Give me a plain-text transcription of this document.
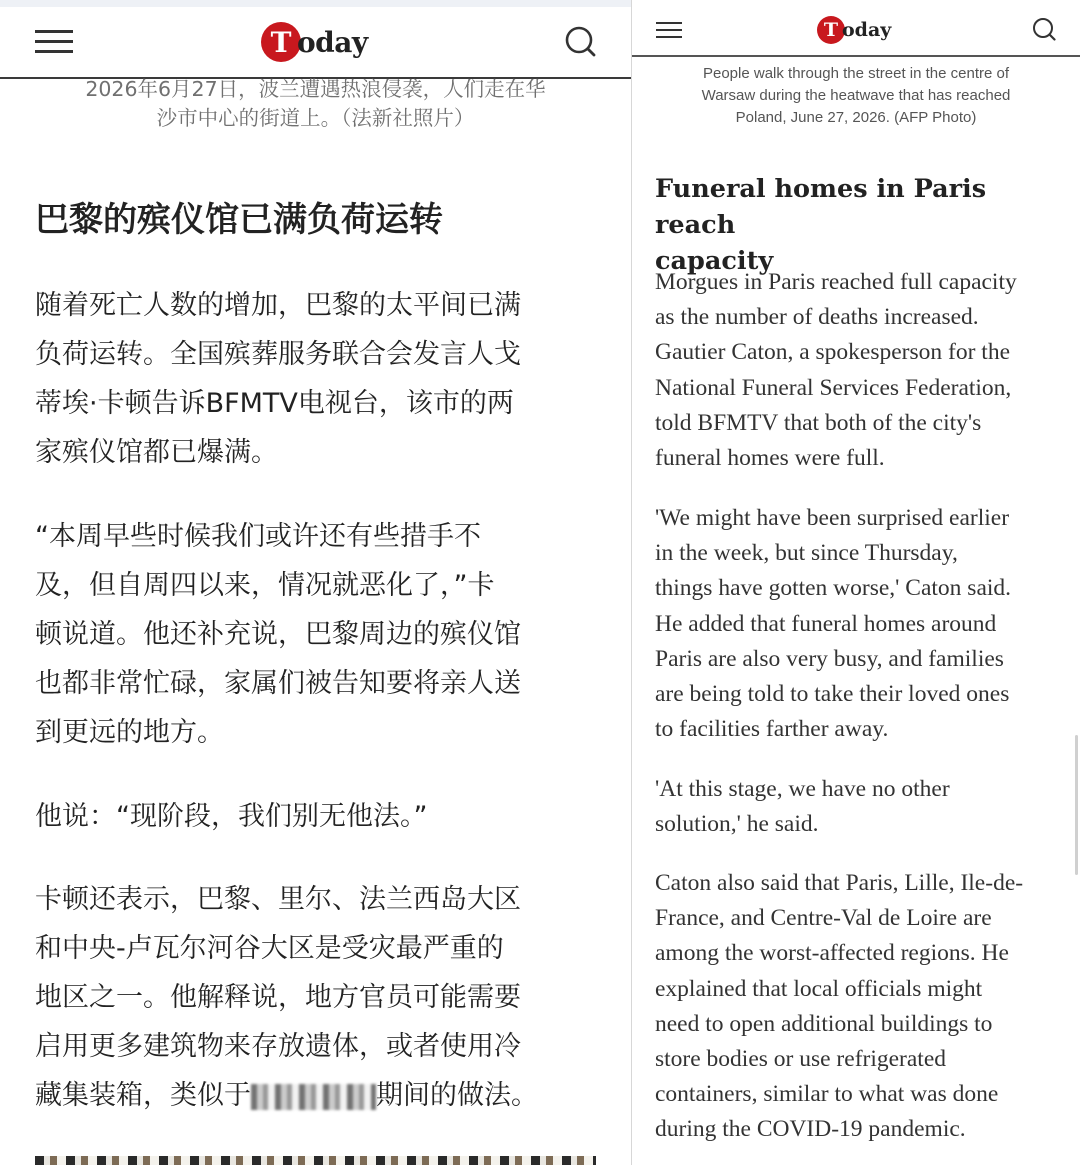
T oday

2026年6月27日，波兰遭遇热浪侵袭，人们走在华

沙市中心的街道上。（法新社照片）

巴黎的殡仪馆已满负荷运转
随着死亡人数的增加，巴黎的太平间已满
负荷运转。全国殡葬服务联合会发言人戈
蒂埃·卡顿告诉BFMTV电视台，该市的两
家殡仪馆都已爆满。
“本周早些时候我们或许还有些措手不
及，但自周四以来，情况就恶化了，”卡
顿说道。他还补充说，巴黎周边的殡仪馆
也都非常忙碌，家属们被告知要将亲人送
到更远的地方。
他说：“现阶段，我们别无他法。”
卡顿还表示，巴黎、里尔、法兰西岛大区
和中央-卢瓦尔河谷大区是受灾最严重的
地区之一。他解释说，地方官员可能需要
启用更多建筑物来存放遗体，或者使用冷
藏集装箱，类似于	期间的做法。
T oday

People walk through the street in the centre of

Warsaw during the heatwave that has reached

Poland, June 27, 2026. (AFP Photo)

Funeral homes in Paris reach
capacity
Morgues in Paris reached full capacity
as the number of deaths increased.
Gautier Caton, a spokesperson for the
National Funeral Services Federation,
told BFMTV that both of the city's
funeral homes were full.
'We might have been surprised earlier
in the week, but since Thursday,
things have gotten worse,' Caton said.
He added that funeral homes around
Paris are also very busy, and families
are being told to take their loved ones
to facilities farther away.
'At this stage, we have no other
solution,' he said.
Caton also said that Paris, Lille, Ile-de-
France, and Centre-Val de Loire are
among the worst-affected regions. He
explained that local officials might
need to open additional buildings to
store bodies or use refrigerated
containers, similar to what was done
during the COVID-19 pandemic.
